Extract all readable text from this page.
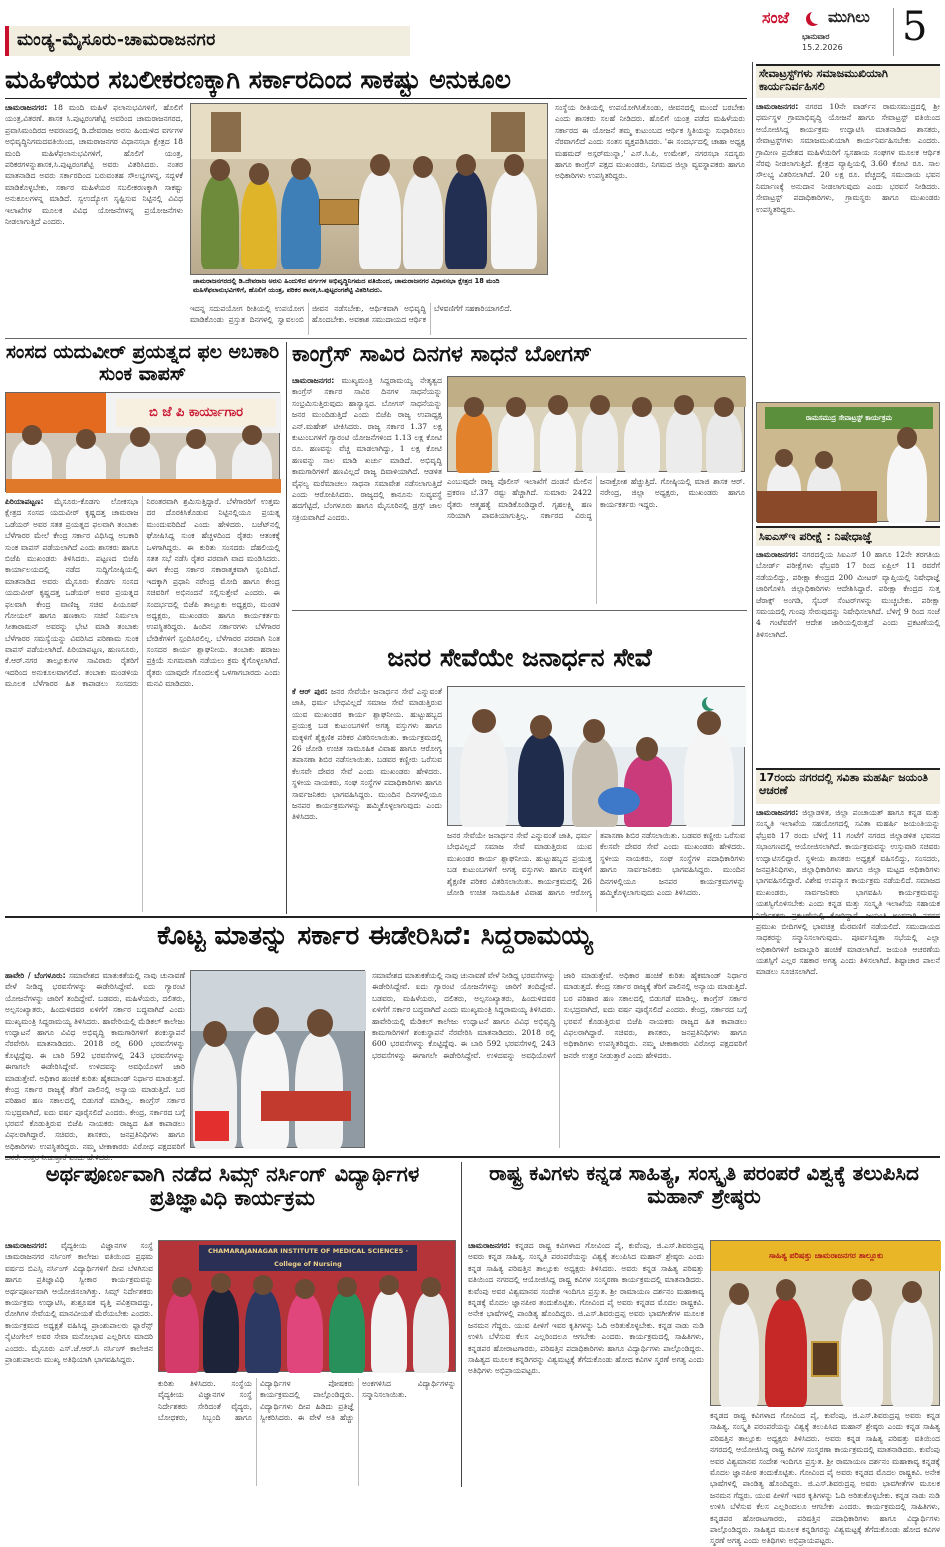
ಮಂಡ್ಯ-ಮೈಸೂರು-ಚಾಮರಾಜನಗರ
ಸಂಜೆ	ಮುಗಿಲು
ಭಾನುವಾರ
15.2.2026 5
ಮಹಿಳೆಯರ ಸಬಲೀಕರಣಕ್ಕಾಗಿ ಸರ್ಕಾರದಿಂದ ಸಾಕಷ್ಟು ಅನುಕೂಲ
ಚಾಮರಾಜನಗರ: 18 ಮಂದಿ ಮಹಿಳೆ ಫಲಾನುಭವಿಗಳಿಗೆ, ಹೊಲಿಗೆ ಯಂತ್ರ,ವಿತರಣೆ. ಶಾಸಕ ಸಿ.ಪುಟ್ಟರಂಗಶೆಟ್ಟಿ ಅವರಿಂದ ಚಾಮರಾಜನಗರದ, ಪ್ರವಾಸಿಮಂದಿರದ ಆವರಣದಲ್ಲಿ ಡಿ.ದೇವರಾಜ ಅರಸು ಹಿಂದುಳಿದ ವರ್ಗಗಳ ಅಭಿವೃದ್ಧಿನಿಗಮದವತಿಯಿಂದ, ಚಾಮರಾಜನಗರ ವಿಧಾನಸಭಾ ಕ್ಷೇತ್ರದ 18 ಮಂದಿ ಮಹಿಳೆಫಲಾನುಭವಿಗಳಿಗೆ, ಹೊಲಿಗೆ ಯಂತ್ರ, ಪರಿಕರಗಳನ್ನುಶಾಸಕ,ಸಿ.ಪುಟ್ಟರಂಗಶೆಟ್ಟಿ ಅವರು ವಿತರಿಸಿದರು. ನಂತರ ಮಾತನಾಡಿದ ಅವರು ಸರ್ಕಾರದಿಂದ ಬರುವಂತಹ ಸೌಲಭ್ಯಗಳನ್ನ, ಸದ್ಬಳಕೆ ಮಾಡಿಕೊಳ್ಳಬೇಕು, ಸರ್ಕಾರ ಮಹಿಳೆಯರ ಸಬಲೀಕರಣಕ್ಕಾಗಿ ಸಾಕಷ್ಟು ಅನುಕೂಲಗಳನ್ನ ಮಾಡಿದೆ. ಸ್ವಉದ್ಯೋಗ ಸೃಷ್ಟಿಸುವ ನಿಟ್ಟಿನಲ್ಲಿ ವಿವಿಧ ಇಲಾಖೆಗಳ ಮೂಲಕ ವಿವಿಧ ಯೋಜನೆಗಳನ್ನ ಪ್ರಯೋಜನೆಗಳು ನೀಡಲಾಗುತ್ತಿದೆ ಎಂದರು.
ಚಾಮರಾಜನಗರದಲ್ಲಿ ಡಿ.ದೇವರಾಜ ಅರಸು ಹಿಂದುಳಿದ ವರ್ಗಗಳ ಅಭಿವೃದ್ಧಿನಿಗಮದ ವತಿಯಿಂದ, ಚಾಮರಾಜನಗರ ವಿಧಾನಸಭಾ ಕ್ಷೇತ್ರದ 18 ಮಂದಿ ಮಹಿಳೆಫಲಾನುಭವಿಗಳಿಗೆ, ಹೊಲಿಗೆ ಯಂತ್ರ, ಪರಿಕರ ಶಾಸಕ,ಸಿ.ಪುಟ್ಟರಂಗಶೆಟ್ಟಿ ವಿತರಿಸಿದರು.
ಇದನ್ನ ಸದುಪಯೋಗ ರೀತಿಯಲ್ಲಿ ಉಪಯೋಗ ಮಾಡಿಕೊಂಡು ಪ್ರಸ್ತುತ ದಿನಗಳಲ್ಲಿ ಸ್ವಾವಲಂಬಿ ಜೀವನ ನಡೆಸಬೇಕು, ಆರ್ಥಿಕವಾಗಿ ಅಭಿವೃದ್ಧಿ ಹೊಂದಬೇಕು. ಅವಕಾಶ ಸಮುದಾಯದ ಆರ್ಥಿಕ ಬೆಳವಣಿಗೆಗೆ ಸಹಕಾರಿಯಾಗಲಿದೆ.
ಸಂಸ್ಥೆಯ ರೀತಿಯಲ್ಲಿ ಉಪಯೋಗಿಸಿಕೊಂಡು, ಜೀವನದಲ್ಲಿ ಮುಂದೆ ಬರಬೇಕು ಎಂದು ಶಾಸಕರು ಸಲಹೆ ನೀಡಿದರು. ಹೊಲಿಗೆ ಯಂತ್ರ ಪಡೆದ ಮಹಿಳೆಯರು ಸರ್ಕಾರದ ಈ ಯೋಜನೆ ತಮ್ಮ ಕುಟುಂಬದ ಆರ್ಥಿಕ ಸ್ಥಿತಿಯನ್ನು ಸುಧಾರಿಸಲು ನೆರವಾಗಲಿದೆ ಎಂದು ಸಂತಸ ವ್ಯಕ್ತಪಡಿಸಿದರು. 'ಈ ಸಂದರ್ಭದಲ್ಲಿ ಚಾಹಾ ಅಧ್ಯಕ್ಷ ಮಹಮದ್ ಅಸ್ಗರ್‌ಮುನ್ನಾ,' ಎಸ್.ಸಿ.ಪಿ, ಉಮೇಶ್, ನಗರಸಭಾ ಸದಸ್ಯರು ಹಾಗೂ ಕಾಂಗ್ರೆಸ್ ಪಕ್ಷದ ಮುಖಂಡರು, ನಿಗಮದ ಜಿಲ್ಲಾ ವ್ಯವಸ್ಥಾಪಕರು ಹಾಗೂ ಅಧಿಕಾರಿಗಳು ಉಪಸ್ಥಿತರಿದ್ದರು.
ಸೇವಾಟ್ರಸ್ಟ್‌ಗಳು ಸಮಾಜಮುಖಿಯಾಗಿ ಕಾರ್ಯನಿರ್ವಹಿಸಲಿ
ಚಾಮರಾಜನಗರ: ನಗರದ 10ನೇ ವಾರ್ಡ್‌ನ ರಾಮಸಮುದ್ರದಲ್ಲಿ ಶ್ರೀ ಧರ್ಮಸ್ಥಳ ಗ್ರಾಮಾಭಿವೃದ್ಧಿ ಯೋಜನೆ ಹಾಗೂ ಸೇವಾಟ್ರಸ್ಟ್ ವತಿಯಿಂದ ಆಯೋಜಿಸಿದ್ದ ಕಾರ್ಯಕ್ರಮ ಉದ್ಘಾಟಿಸಿ ಮಾತನಾಡಿದ ಶಾಸಕರು, ಸೇವಾಟ್ರಸ್ಟ್‌ಗಳು ಸಮಾಜಮುಖಿಯಾಗಿ ಕಾರ್ಯನಿರ್ವಹಿಸಬೇಕು ಎಂದರು. ಗ್ರಾಮೀಣ ಪ್ರದೇಶದ ಮಹಿಳೆಯರಿಗೆ ಸ್ವಸಹಾಯ ಸಂಘಗಳ ಮೂಲಕ ಆರ್ಥಿಕ ನೆರವು ನೀಡಲಾಗುತ್ತಿದೆ. ಕ್ಷೇತ್ರದ ವ್ಯಾಪ್ತಿಯಲ್ಲಿ 3.60 ಕೋಟಿ ರೂ. ಸಾಲ ಸೌಲಭ್ಯ ವಿತರಿಸಲಾಗಿದೆ. 20 ಲಕ್ಷ ರೂ. ವೆಚ್ಚದಲ್ಲಿ ಸಮುದಾಯ ಭವನ ನಿರ್ಮಾಣಕ್ಕೆ ಅನುದಾನ ನೀಡಲಾಗುವುದು ಎಂದು ಭರವಸೆ ನೀಡಿದರು. ಸೇವಾಟ್ರಸ್ಟ್ ಪದಾಧಿಕಾರಿಗಳು, ಗ್ರಾಮಸ್ಥರು ಹಾಗೂ ಮುಖಂಡರು ಉಪಸ್ಥಿತರಿದ್ದರು.
ರಾಮಸಮುದ್ರ ಸೇವಾಟ್ರಸ್ಟ್ ಕಾರ್ಯಕ್ರಮ
ಸಿಐಎಸ್‌ಇ ಪರೀಕ್ಷೆ : ನಿಷೇಧಾಜ್ಞೆ
ಚಾಮರಾಜನಗರ: ನಗರದಲ್ಲಿಯ ಸಿಐಎಸ್ 10 ಹಾಗೂ 12ನೇ ತರಗತಿಯ ಬೋರ್ಡ್ ಪರೀಕ್ಷೆಗಳು ಫೆಬ್ರವರಿ 17 ರಿಂದ ಏಪ್ರಿಲ್ 11 ರವರೆಗೆ ನಡೆಯಲಿದ್ದು, ಪರೀಕ್ಷಾ ಕೇಂದ್ರದ 200 ಮೀಟರ್ ವ್ಯಾಪ್ತಿಯಲ್ಲಿ ನಿಷೇಧಾಜ್ಞೆ ಜಾರಿಗೊಳಿಸಿ ಜಿಲ್ಲಾಧಿಕಾರಿಗಳು ಆದೇಶಿಸಿದ್ದಾರೆ. ಪರೀಕ್ಷಾ ಕೇಂದ್ರದ ಸುತ್ತ ಜೆರಾಕ್ಸ್ ಅಂಗಡಿ, ಸೈಬರ್ ಸೆಂಟರ್‌ಗಳನ್ನು ಮುಚ್ಚಬೇಕು. ಪರೀಕ್ಷಾ ಸಮಯದಲ್ಲಿ ಗುಂಪು ಸೇರುವುದನ್ನು ನಿಷೇಧಿಸಲಾಗಿದೆ. ಬೆಳಿಗ್ಗೆ 9 ರಿಂದ ಸಂಜೆ 4 ಗಂಟೆವರೆಗೆ ಆದೇಶ ಜಾರಿಯಲ್ಲಿರುತ್ತದೆ ಎಂದು ಪ್ರಕಟಣೆಯಲ್ಲಿ ತಿಳಿಸಲಾಗಿದೆ.
17ರಂದು ನಗರದಲ್ಲಿ ಸವಿತಾ ಮಹರ್ಷಿ ಜಯಂತಿ ಆಚರಣೆ
ಚಾಮರಾಜನಗರ: ಜಿಲ್ಲಾಡಳಿತ, ಜಿಲ್ಲಾ ಪಂಚಾಯತ್ ಹಾಗೂ ಕನ್ನಡ ಮತ್ತು ಸಂಸ್ಕೃತಿ ಇಲಾಖೆಯ ಸಹಯೋಗದಲ್ಲಿ ಸವಿತಾ ಮಹರ್ಷಿ ಜಯಂತಿಯನ್ನು ಫೆಬ್ರವರಿ 17 ರಂದು ಬೆಳಿಗ್ಗೆ 11 ಗಂಟೆಗೆ ನಗರದ ಜಿಲ್ಲಾಡಳಿತ ಭವನದ ಸಭಾಂಗಣದಲ್ಲಿ ಆಯೋಜಿಸಲಾಗಿದೆ. ಕಾರ್ಯಕ್ರಮವನ್ನು ಉಸ್ತುವಾರಿ ಸಚಿವರು ಉದ್ಘಾಟಿಸಲಿದ್ದಾರೆ. ಸ್ಥಳೀಯ ಶಾಸಕರು ಅಧ್ಯಕ್ಷತೆ ವಹಿಸಲಿದ್ದು, ಸಂಸದರು, ಜನಪ್ರತಿನಿಧಿಗಳು, ಜಿಲ್ಲಾಧಿಕಾರಿಗಳು ಹಾಗೂ ಜಿಲ್ಲಾ ಮಟ್ಟದ ಅಧಿಕಾರಿಗಳು ಭಾಗವಹಿಸಲಿದ್ದಾರೆ. ವಿಶೇಷ ಉಪನ್ಯಾಸ ಕಾರ್ಯಕ್ರಮ ನಡೆಯಲಿದೆ. ಸಮಾಜದ ಮುಖಂಡರು, ಸಾರ್ವಜನಿಕರು ಭಾಗವಹಿಸಿ ಕಾರ್ಯಕ್ರಮವನ್ನು ಯಶಸ್ವಿಗೊಳಿಸಬೇಕು ಎಂದು ಕನ್ನಡ ಮತ್ತು ಸಂಸ್ಕೃತಿ ಇಲಾಖೆಯ ಸಹಾಯಕ ಪ್ರಮುಖ ಬೀದಿಗಳಲ್ಲಿ ಭಾವಚಿತ್ರ ಮೆರವಣಿಗೆ ನಡೆಯಲಿದೆ. ಸಮುದಾಯದ ಸಾಧಕರನ್ನು ಸನ್ಮಾನಿಸಲಾಗುವುದು. ಪೂರ್ವಸಿದ್ಧತಾ ಸಭೆಯಲ್ಲಿ ಎಲ್ಲಾ ಅಧಿಕಾರಿಗಳಿಗೆ ಜವಾಬ್ದಾರಿ ಹಂಚಿಕೆ ಮಾಡಲಾಗಿದೆ. ಜಯಂತಿ ಆಚರಣೆಯ ಯಶಸ್ಸಿಗೆ ಎಲ್ಲರ ಸಹಕಾರ ಅಗತ್ಯ ಎಂದು ತಿಳಿಸಲಾಗಿದೆ. ಶಿಷ್ಟಾಚಾರ ಪಾಲನೆ ಮಾಡಲು ಸೂಚಿಸಲಾಗಿದೆ.
ಸಂಸದ ಯದುವೀರ್ ಪ್ರಯತ್ನದ ಫಲ ಅಬಕಾರಿ ಸುಂಕ ವಾಪಸ್
ಬಿ ಜೆ ಪಿ ಕಾರ್ಯಾಗಾರ
ಪಿರಿಯಾಪಟ್ಟಣ: ಮೈಸೂರು-ಕೊಡಗು ಲೋಕಸಭಾ ಕ್ಷೇತ್ರದ ಸಂಸದ ಯದುವೀರ್ ಕೃಷ್ಣದತ್ತ ಚಾಮರಾಜ ಒಡೆಯರ್ ಅವರ ಸತತ ಪ್ರಯತ್ನದ ಫಲವಾಗಿ ತಂಬಾಕು ಬೆಳೆಗಾರರ ಮೇಲೆ ಕೇಂದ್ರ ಸರ್ಕಾರ ವಿಧಿಸಿದ್ದ ಅಬಕಾರಿ ಸುಂಕ ವಾಪಸ್ ಪಡೆಯಲಾಗಿದೆ ಎಂದು ಶಾಸಕರು ಹಾಗೂ ಬಿಜೆಪಿ ಮುಖಂಡರು ತಿಳಿಸಿದರು. ಪಟ್ಟಣದ ಬಿಜೆಪಿ ಕಾರ್ಯಾಲಯದಲ್ಲಿ ನಡೆದ ಸುದ್ದಿಗೋಷ್ಠಿಯಲ್ಲಿ ಮಾತನಾಡಿದ ಅವರು ಮೈಸೂರು ಕೊಡಗು ಸಂಸದ ಯದುವೀರ್ ಕೃಷ್ಣದತ್ತ ಒಡೆಯರ್ ಅವರ ಪ್ರಯತ್ನದ ಫಲವಾಗಿ ಕೇಂದ್ರ ವಾಣಿಜ್ಯ ಸಚಿವ ಪಿಯೂಷ್ ಗೋಯಲ್ ಹಾಗೂ ಹಣಕಾಸು ಸಚಿವೆ ನಿರ್ಮಲಾ ಸೀತಾರಾಮನ್ ಅವರನ್ನು ಭೇಟಿ ಮಾಡಿ ತಂಬಾಕು ಬೆಳೆಗಾರರ ಸಮಸ್ಯೆಯನ್ನು ವಿವರಿಸಿದ ಪರಿಣಾಮ ಸುಂಕ ವಾಪಸ್ ಪಡೆಯಲಾಗಿದೆ. ಪಿರಿಯಾಪಟ್ಟಣ, ಹುಣಸೂರು, ಕೆ.ಆರ್.ನಗರ ತಾಲ್ಲೂಕುಗಳ ಸಾವಿರಾರು ರೈತರಿಗೆ ಇದರಿಂದ ಅನುಕೂಲವಾಗಲಿದೆ. ತಂಬಾಕು ಮಂಡಳಿಯ ಮೂಲಕ ಬೆಳೆಗಾರರ ಹಿತ ಕಾಪಾಡಲು ಸಂಸದರು ನಿರಂತರವಾಗಿ ಶ್ರಮಿಸುತ್ತಿದ್ದಾರೆ. ಬೆಳೆಗಾರರಿಗೆ ಉತ್ತಮ ದರ ದೊರಕಿಸಿಕೊಡುವ ನಿಟ್ಟಿನಲ್ಲಿಯೂ ಪ್ರಯತ್ನ ಮುಂದುವರಿದಿದೆ ಎಂದು ಹೇಳಿದರು. ಬಜೆಟ್‌ನಲ್ಲಿ ಘೋಷಿಸಿದ್ದ ಸುಂಕ ಹೆಚ್ಚಳದಿಂದ ರೈತರು ಆತಂಕಕ್ಕೆ ಒಳಗಾಗಿದ್ದರು. ಈ ಕುರಿತು ಸಂಸದರು ದೆಹಲಿಯಲ್ಲಿ ಸತತ ಸಭೆ ನಡೆಸಿ ರೈತರ ಪರವಾಗಿ ವಾದ ಮಂಡಿಸಿದರು. ಈಗ ಕೇಂದ್ರ ಸರ್ಕಾರ ಸಕಾರಾತ್ಮಕವಾಗಿ ಸ್ಪಂದಿಸಿದೆ. ಇದಕ್ಕಾಗಿ ಪ್ರಧಾನಿ ನರೇಂದ್ರ ಮೋದಿ ಹಾಗೂ ಕೇಂದ್ರ ಸಚಿವರಿಗೆ ಅಭಿನಂದನೆ ಸಲ್ಲಿಸುತ್ತೇವೆ ಎಂದರು. ಈ ಸಂದರ್ಭದಲ್ಲಿ ಬಿಜೆಪಿ ತಾಲ್ಲೂಕು ಅಧ್ಯಕ್ಷರು, ಮಂಡಳಿ ಅಧ್ಯಕ್ಷರು, ಮುಖಂಡರು ಹಾಗೂ ಕಾರ್ಯಕರ್ತರು ಉಪಸ್ಥಿತರಿದ್ದರು. ಹಿಂದಿನ ಸರ್ಕಾರಗಳು ಬೆಳೆಗಾರರ ಬೇಡಿಕೆಗಳಿಗೆ ಸ್ಪಂದಿಸಿರಲಿಲ್ಲ. ಬೆಳೆಗಾರರ ಪರವಾಗಿ ನಿಂತ ಸಂಸದರ ಕಾರ್ಯ ಶ್ಲಾಘನೀಯ. ತಂಬಾಕು ಹರಾಜು ಪ್ರಕ್ರಿಯೆ ಸುಗಮವಾಗಿ ನಡೆಯಲು ಕ್ರಮ ಕೈಗೊಳ್ಳಲಾಗಿದೆ. ರೈತರು ಯಾವುದೇ ಗೊಂದಲಕ್ಕೆ ಒಳಗಾಗಬಾರದು ಎಂದು ಮನವಿ ಮಾಡಿದರು.
ಕಾಂಗ್ರೆಸ್ ಸಾವಿರ ದಿನಗಳ ಸಾಧನೆ ಬೋಗಸ್
ಚಾಮರಾಜನಗರ: ಮುಖ್ಯಮಂತ್ರಿ ಸಿದ್ದರಾಮಯ್ಯ ನೇತೃತ್ವದ ಕಾಂಗ್ರೆಸ್ ಸರ್ಕಾರ ಸಾವಿರ ದಿನಗಳ ಸಾಧನೆಯನ್ನು ಸಂಭ್ರಮಿಸುತ್ತಿರುವುದು ಹಾಸ್ಯಾಸ್ಪದ. ಬೋಗಸ್ ಸಾಧನೆಯನ್ನು ಜನರ ಮುಂದಿಡುತ್ತಿದೆ ಎಂದು ಬಿಜೆಪಿ ರಾಜ್ಯ ಉಪಾಧ್ಯಕ್ಷ ಎನ್.ಮಹೇಶ್ ಟೀಕಿಸಿದರು. ರಾಜ್ಯ ಸರ್ಕಾರ 1.37 ಲಕ್ಷ ಕುಟುಂಬಗಳಿಗೆ ಗ್ಯಾರಂಟಿ ಯೋಜನೆಗಳಿಂದ 1.13 ಲಕ್ಷ ಕೋಟಿ ರೂ. ಹಣವನ್ನು ವೆಚ್ಚ ಮಾಡಲಾಗಿದ್ದು, 1 ಲಕ್ಷ ಕೋಟಿ ಹಣವನ್ನು ಸಾಲ ಮಾಡಿ ಖರ್ಚು ಮಾಡಿದೆ. ಅಭಿವೃದ್ಧಿ ಕಾಮಗಾರಿಗಳಿಗೆ ಹಣವಿಲ್ಲದೆ ರಾಜ್ಯ ದಿವಾಳಿಯಾಗಿದೆ. ಆಡಳಿತ ವೈಫಲ್ಯ ಮರೆಮಾಚಲು ಸಾಧನಾ ಸಮಾವೇಶ ನಡೆಸಲಾಗುತ್ತಿದೆ ಎಂದು ಆರೋಪಿಸಿದರು. ರಾಜ್ಯದಲ್ಲಿ ಕಾನೂನು ಸುವ್ಯವಸ್ಥೆ ಹದಗೆಟ್ಟಿದೆ, ಬೆಂಗಳೂರು ಹಾಗೂ ಮೈಸೂರಿನಲ್ಲಿ ಡ್ರಗ್ಸ್ ಜಾಲ ಸಕ್ರಿಯವಾಗಿದೆ ಎಂದರು.
ಎಂಬುವುದೇ ರಾಜ್ಯ ಪೊಲೀಸ್ ಇಲಾಖೆಗೆ ದಂಡನೆ ಮೇಲಿನ ಪ್ರಕರಣ ಬೆ.37 ರಷ್ಟು ಹೆಚ್ಚಾಗಿದೆ. ಸುಮಾರು 2422 ರೈತರು ಆತ್ಮಹತ್ಯೆ ಮಾಡಿಕೊಂಡಿದ್ದಾರೆ. ಗೃಹಲಕ್ಷ್ಮಿ ಹಣ ಸರಿಯಾಗಿ ಪಾವತಿಯಾಗುತ್ತಿಲ್ಲ. ಸರ್ಕಾರದ ವಿರುದ್ಧ ಜನಾಕ್ರೋಶ ಹೆಚ್ಚುತ್ತಿದೆ. ಗೋಷ್ಠಿಯಲ್ಲಿ ಮಾಜಿ ಶಾಸಕ ಆರ್. ನರೇಂದ್ರ, ಜಿಲ್ಲಾ ಅಧ್ಯಕ್ಷರು, ಮುಖಂಡರು ಹಾಗೂ ಕಾರ್ಯಕರ್ತರು ಇದ್ದರು.
ಜನರ ಸೇವೆಯೇ ಜನಾರ್ಧನ ಸೇವೆ
ಕೆ ಆರ್ ಪುರ: ಜನರ ಸೇವೆಯೇ ಜನಾರ್ಧನ ಸೇವೆ ಎನ್ನುವಂತೆ ಜಾತಿ, ಧರ್ಮ ಬೇಧವಿಲ್ಲದೆ ಸಮಾಜ ಸೇವೆ ಮಾಡುತ್ತಿರುವ ಯುವ ಮುಖಂಡರ ಕಾರ್ಯ ಶ್ಲಾಘನೀಯ. ಹುಟ್ಟುಹಬ್ಬದ ಪ್ರಯುಕ್ತ ಬಡ ಕುಟುಂಬಗಳಿಗೆ ಅಗತ್ಯ ವಸ್ತುಗಳು ಹಾಗೂ ಮಕ್ಕಳಿಗೆ ಶೈಕ್ಷಣಿಕ ಪರಿಕರ ವಿತರಿಸಲಾಯಿತು. ಕಾರ್ಯಕ್ರಮದಲ್ಲಿ 26 ಜೋಡಿ ಉಚಿತ ಸಾಮೂಹಿಕ ವಿವಾಹ ಹಾಗೂ ಆರೋಗ್ಯ ತಪಾಸಣಾ ಶಿಬಿರ ನಡೆಸಲಾಯಿತು. ಬಡವರ ಕಣ್ಣೀರು ಒರೆಸುವ ಕೆಲಸವೇ ದೇವರ ಸೇವೆ ಎಂದು ಮುಖಂಡರು ಹೇಳಿದರು. ಸ್ಥಳೀಯ ನಾಯಕರು, ಸಂಘ ಸಂಸ್ಥೆಗಳ ಪದಾಧಿಕಾರಿಗಳು ಹಾಗೂ ಸಾರ್ವಜನಿಕರು ಭಾಗವಹಿಸಿದ್ದರು. ಮುಂದಿನ ದಿನಗಳಲ್ಲಿಯೂ ಜನಪರ ಕಾರ್ಯಕ್ರಮಗಳನ್ನು ಹಮ್ಮಿಕೊಳ್ಳಲಾಗುವುದು ಎಂದು ತಿಳಿಸಿದರು.
ಜನರ ಸೇವೆಯೇ ಜನಾರ್ಧನ ಸೇವೆ ಎನ್ನುವಂತೆ ಜಾತಿ, ಧರ್ಮ ಬೇಧವಿಲ್ಲದೆ ಸಮಾಜ ಸೇವೆ ಮಾಡುತ್ತಿರುವ ಯುವ ಮುಖಂಡರ ಕಾರ್ಯ ಶ್ಲಾಘನೀಯ. ಹುಟ್ಟುಹಬ್ಬದ ಪ್ರಯುಕ್ತ ಬಡ ಕುಟುಂಬಗಳಿಗೆ ಅಗತ್ಯ ವಸ್ತುಗಳು ಹಾಗೂ ಮಕ್ಕಳಿಗೆ ಶೈಕ್ಷಣಿಕ ಪರಿಕರ ವಿತರಿಸಲಾಯಿತು. ಕಾರ್ಯಕ್ರಮದಲ್ಲಿ 26 ಜೋಡಿ ಉಚಿತ ಸಾಮೂಹಿಕ ವಿವಾಹ ಹಾಗೂ ಆರೋಗ್ಯ ತಪಾಸಣಾ ಶಿಬಿರ ನಡೆಸಲಾಯಿತು. ಬಡವರ ಕಣ್ಣೀರು ಒರೆಸುವ ಕೆಲಸವೇ ದೇವರ ಸೇವೆ ಎಂದು ಮುಖಂಡರು ಹೇಳಿದರು. ಸ್ಥಳೀಯ ನಾಯಕರು, ಸಂಘ ಸಂಸ್ಥೆಗಳ ಪದಾಧಿಕಾರಿಗಳು ಹಾಗೂ ಸಾರ್ವಜನಿಕರು ಭಾಗವಹಿಸಿದ್ದರು. ಮುಂದಿನ ದಿನಗಳಲ್ಲಿಯೂ ಜನಪರ ಕಾರ್ಯಕ್ರಮಗಳನ್ನು ಹಮ್ಮಿಕೊಳ್ಳಲಾಗುವುದು ಎಂದು ತಿಳಿಸಿದರು.
ಕೊಟ್ಟ ಮಾತನ್ನು ಸರ್ಕಾರ ಈಡೇರಿಸಿದೆ: ಸಿದ್ದರಾಮಯ್ಯ
ಹಾವೇರಿ / ಬೆಂಗಳೂರು: ಸಮಾವೇಶದ ಮಾತುಕತೆಯಲ್ಲಿ ನಾವು ಚುನಾವಣೆ ವೇಳೆ ನೀಡಿದ್ದ ಭರವಸೆಗಳನ್ನು ಈಡೇರಿಸಿದ್ದೇವೆ. ಐದು ಗ್ಯಾರಂಟಿ ಯೋಜನೆಗಳನ್ನು ಜಾರಿಗೆ ತಂದಿದ್ದೇವೆ. ಬಡವರು, ಮಹಿಳೆಯರು, ದಲಿತರು, ಅಲ್ಪಸಂಖ್ಯಾತರು, ಹಿಂದುಳಿದವರ ಏಳಿಗೆಗೆ ಸರ್ಕಾರ ಬದ್ಧವಾಗಿದೆ ಎಂದು ಮುಖ್ಯಮಂತ್ರಿ ಸಿದ್ದರಾಮಯ್ಯ ತಿಳಿಸಿದರು. ಹಾವೇರಿಯಲ್ಲಿ ಮೆಡಿಕಲ್ ಕಾಲೇಜು ಉದ್ಘಾಟನೆ ಹಾಗೂ ವಿವಿಧ ಅಭಿವೃದ್ಧಿ ಕಾಮಗಾರಿಗಳಿಗೆ ಶಂಕುಸ್ಥಾಪನೆ ನೆರವೇರಿಸಿ ಮಾತನಾಡಿದರು. 2018 ರಲ್ಲಿ 600 ಭರವಸೆಗಳನ್ನು ಕೊಟ್ಟಿದ್ದೆವು. ಈ ಬಾರಿ 592 ಭರವಸೆಗಳಲ್ಲಿ 243 ಭರವಸೆಗಳನ್ನು ಈಗಾಗಲೇ ಈಡೇರಿಸಿದ್ದೇವೆ. ಉಳಿದವನ್ನು ಅವಧಿಯೊಳಗೆ ಜಾರಿ ಮಾಡುತ್ತೇವೆ. ಅಧಿಕಾರ ಹಂಚಿಕೆ ಕುರಿತು ಹೈಕಮಾಂಡ್ ನಿರ್ಧಾರ ಮಾಡುತ್ತದೆ. ಕೇಂದ್ರ ಸರ್ಕಾರ ರಾಜ್ಯಕ್ಕೆ ತೆರಿಗೆ ಪಾಲಿನಲ್ಲಿ ಅನ್ಯಾಯ ಮಾಡುತ್ತಿದೆ. ಬರ ಪರಿಹಾರ ಹಣ ಸಕಾಲದಲ್ಲಿ ಬಿಡುಗಡೆ ಮಾಡಿಲ್ಲ. ಕಾಂಗ್ರೆಸ್ ಸರ್ಕಾರ ಸುಭದ್ರವಾಗಿದೆ, ಐದು ವರ್ಷ ಪೂರೈಸಲಿದೆ ಎಂದರು. ಕೇಂದ್ರ, ಸರ್ಕಾರದ ಬಗ್ಗೆ ಭರವಸೆ ಕೊಡುತ್ತಿರುವ ಬಿಜೆಪಿ ನಾಯಕರು ರಾಜ್ಯದ ಹಿತ ಕಾಪಾಡಲು ವಿಫಲರಾಗಿದ್ದಾರೆ. ಸಚಿವರು, ಶಾಸಕರು, ಜನಪ್ರತಿನಿಧಿಗಳು ಹಾಗೂ ಅಧಿಕಾರಿಗಳು ಉಪಸ್ಥಿತರಿದ್ದರು. ನಮ್ಮ ಟೀಕಾಕಾರರು ವಿರೋಧ ಪಕ್ಷದವರಿಗೆ
ಸಮಾವೇಶದ ಮಾತುಕತೆಯಲ್ಲಿ ನಾವು ಚುನಾವಣೆ ವೇಳೆ ನೀಡಿದ್ದ ಭರವಸೆಗಳನ್ನು ಈಡೇರಿಸಿದ್ದೇವೆ. ಐದು ಗ್ಯಾರಂಟಿ ಯೋಜನೆಗಳನ್ನು ಜಾರಿಗೆ ತಂದಿದ್ದೇವೆ. ಬಡವರು, ಮಹಿಳೆಯರು, ದಲಿತರು, ಅಲ್ಪಸಂಖ್ಯಾತರು, ಹಿಂದುಳಿದವರ ಏಳಿಗೆಗೆ ಸರ್ಕಾರ ಬದ್ಧವಾಗಿದೆ ಎಂದು ಮುಖ್ಯಮಂತ್ರಿ ಸಿದ್ದರಾಮಯ್ಯ ತಿಳಿಸಿದರು. ಹಾವೇರಿಯಲ್ಲಿ ಮೆಡಿಕಲ್ ಕಾಲೇಜು ಉದ್ಘಾಟನೆ ಹಾಗೂ ವಿವಿಧ ಅಭಿವೃದ್ಧಿ ಕಾಮಗಾರಿಗಳಿಗೆ ಶಂಕುಸ್ಥಾಪನೆ ನೆರವೇರಿಸಿ ಮಾತನಾಡಿದರು. 2018 ರಲ್ಲಿ 600 ಭರವಸೆಗಳನ್ನು ಕೊಟ್ಟಿದ್ದೆವು. ಈ ಬಾರಿ 592 ಭರವಸೆಗಳಲ್ಲಿ 243 ಭರವಸೆಗಳನ್ನು ಈಗಾಗಲೇ ಈಡೇರಿಸಿದ್ದೇವೆ. ಉಳಿದವನ್ನು ಅವಧಿಯೊಳಗೆ ಜಾರಿ ಮಾಡುತ್ತೇವೆ. ಅಧಿಕಾರ ಹಂಚಿಕೆ ಕುರಿತು ಹೈಕಮಾಂಡ್ ನಿರ್ಧಾರ ಮಾಡುತ್ತದೆ. ಕೇಂದ್ರ ಸರ್ಕಾರ ರಾಜ್ಯಕ್ಕೆ ತೆರಿಗೆ ಪಾಲಿನಲ್ಲಿ ಅನ್ಯಾಯ ಮಾಡುತ್ತಿದೆ. ಬರ ಪರಿಹಾರ ಹಣ ಸಕಾಲದಲ್ಲಿ ಬಿಡುಗಡೆ ಮಾಡಿಲ್ಲ. ಕಾಂಗ್ರೆಸ್ ಸರ್ಕಾರ ಸುಭದ್ರವಾಗಿದೆ, ಐದು ವರ್ಷ ಪೂರೈಸಲಿದೆ ಎಂದರು. ಕೇಂದ್ರ, ಸರ್ಕಾರದ ಬಗ್ಗೆ ಭರವಸೆ ಕೊಡುತ್ತಿರುವ ಬಿಜೆಪಿ ನಾಯಕರು ರಾಜ್ಯದ ಹಿತ ಕಾಪಾಡಲು ವಿಫಲರಾಗಿದ್ದಾರೆ. ಸಚಿವರು, ಶಾಸಕರು, ಜನಪ್ರತಿನಿಧಿಗಳು ಹಾಗೂ ಅಧಿಕಾರಿಗಳು ಉಪಸ್ಥಿತರಿದ್ದರು. ನಮ್ಮ ಟೀಕಾಕಾರರು ವಿರೋಧ ಪಕ್ಷದವರಿಗೆ ಜನರೇ ಉತ್ತರ ನೀಡುತ್ತಾರೆ ಎಂದು ಹೇಳಿದರು.
ಅರ್ಥಪೂರ್ಣವಾಗಿ ನಡೆದ ಸಿಮ್ಸ್ ನರ್ಸಿಂಗ್ ವಿದ್ಯಾರ್ಥಿಗಳ ಪ್ರತಿಜ್ಞಾವಿಧಿ ಕಾರ್ಯಕ್ರಮ
ಚಾಮರಾಜನಗರ: ವೈದ್ಯಕೀಯ ವಿಜ್ಞಾನಗಳ ಸಂಸ್ಥೆ ಚಾಮರಾಜನಗರ ನರ್ಸಿಂಗ್ ಕಾಲೇಜು ವತಿಯಿಂದ ಪ್ರಥಮ ವರ್ಷದ ಬಿಎಸ್ಸಿ ನರ್ಸಿಂಗ್ ವಿದ್ಯಾರ್ಥಿಗಳಿಗೆ ದೀಪ ಬೆಳಗಿಸುವ ಹಾಗೂ ಪ್ರತಿಜ್ಞಾವಿಧಿ ಸ್ವೀಕಾರ ಕಾರ್ಯಕ್ರಮವನ್ನು ಅರ್ಥಪೂರ್ಣವಾಗಿ ಆಯೋಜಿಸಲಾಗಿತ್ತು. ಸಿಮ್ಸ್ ನಿರ್ದೇಶಕರು ಕಾರ್ಯಕ್ರಮ ಉದ್ಘಾಟಿಸಿ, ಶುಶ್ರೂಷಕ ವೃತ್ತಿ ಪವಿತ್ರವಾದದ್ದು, ರೋಗಿಗಳ ಸೇವೆಯಲ್ಲಿ ಮಾನವೀಯತೆ ಮೆರೆಯಬೇಕು ಎಂದರು. ಕಾರ್ಯಕ್ರಮದ ಅಧ್ಯಕ್ಷತೆ ವಹಿಸಿದ್ದ ಪ್ರಾಂಶುಪಾಲರು ಫ್ಲಾರೆನ್ಸ್ ನೈಟಿಂಗೇಲ್ ಅವರ ಸೇವಾ ಮನೋಭಾವ ಎಲ್ಲರಿಗೂ ಮಾದರಿ ಎಂದರು. ಮೈಸೂರು ಎಸ್.ಜೆ.ಆರ್.ಸಿ ನರ್ಸಿಂಗ್ ಕಾಲೇಜಿನ ಪ್ರಾಂಶುಪಾಲರು ಮುಖ್ಯ ಅತಿಥಿಯಾಗಿ ಭಾಗವಹಿಸಿದ್ದರು.
CHAMARAJANAGAR INSTITUTE OF MEDICAL SCIENCES · College of Nursing
ಕುರಿತು ತಿಳಿಸಿದರು. ಸಂಸ್ಥೆಯ ವೈದ್ಯಕೀಯ ವಿಜ್ಞಾನಗಳ ಸಂಸ್ಥೆ ನಿರ್ದೇಶಕರು ಸೇರಿದಂತೆ ವೈದ್ಯರು, ಬೋಧಕರು, ಸಿಬ್ಬಂದಿ ಹಾಗೂ ವಿದ್ಯಾರ್ಥಿಗಳ ಪೋಷಕರು ಕಾರ್ಯಕ್ರಮದಲ್ಲಿ ಪಾಲ್ಗೊಂಡಿದ್ದರು. ವಿದ್ಯಾರ್ಥಿಗಳು ದೀಪ ಹಿಡಿದು ಪ್ರತಿಜ್ಞೆ ಸ್ವೀಕರಿಸಿದರು. ಈ ವೇಳೆ ಅತಿ ಹೆಚ್ಚು ಅಂಕಗಳಿಸಿದ ವಿದ್ಯಾರ್ಥಿಗಳನ್ನು ಸನ್ಮಾನಿಸಲಾಯಿತು.
ರಾಷ್ಟ್ರ ಕವಿಗಳು ಕನ್ನಡ ಸಾಹಿತ್ಯ, ಸಂಸ್ಕೃತಿ ಪರಂಪರೆ ವಿಶ್ವಕ್ಕೆ ತಲುಪಿಸಿದ ಮಹಾನ್ ಶ್ರೇಷ್ಠರು
ಚಾಮರಾಜನಗರ: ಕನ್ನಡದ ರಾಷ್ಟ್ರ ಕವಿಗಳಾದ ಗೋವಿಂದ ಪೈ, ಕುವೆಂಪು, ಜಿ.ಎಸ್.ಶಿವರುದ್ರಪ್ಪ ಅವರು ಕನ್ನಡ ಸಾಹಿತ್ಯ, ಸಂಸ್ಕೃತಿ ಪರಂಪರೆಯನ್ನು ವಿಶ್ವಕ್ಕೆ ತಲುಪಿಸಿದ ಮಹಾನ್ ಶ್ರೇಷ್ಠರು ಎಂದು ಕನ್ನಡ ಸಾಹಿತ್ಯ ಪರಿಷತ್ತಿನ ತಾಲ್ಲೂಕು ಅಧ್ಯಕ್ಷರು ತಿಳಿಸಿದರು. ಅವರು ಕನ್ನಡ ಸಾಹಿತ್ಯ ಪರಿಷತ್ತು ವತಿಯಿಂದ ನಗರದಲ್ಲಿ ಆಯೋಜಿಸಿದ್ದ ರಾಷ್ಟ್ರ ಕವಿಗಳ ಸಂಸ್ಮರಣಾ ಕಾರ್ಯಕ್ರಮದಲ್ಲಿ ಮಾತನಾಡಿದರು. ಕುವೆಂಪು ಅವರ ವಿಶ್ವಮಾನವ ಸಂದೇಶ ಇಂದಿಗೂ ಪ್ರಸ್ತುತ. ಶ್ರೀ ರಾಮಾಯಣ ದರ್ಶನಂ ಮಹಾಕಾವ್ಯ ಕನ್ನಡಕ್ಕೆ ಮೊದಲ ಜ್ಞಾನಪೀಠ ತಂದುಕೊಟ್ಟಿತು. ಗೋವಿಂದ ಪೈ ಅವರು ಕನ್ನಡದ ಮೊದಲ ರಾಷ್ಟ್ರಕವಿ. ಅನೇಕ ಭಾಷೆಗಳಲ್ಲಿ ಪಾಂಡಿತ್ಯ ಹೊಂದಿದ್ದರು. ಜಿ.ಎಸ್.ಶಿವರುದ್ರಪ್ಪ ಅವರು ಭಾವಗೀತೆಗಳ ಮೂಲಕ ಜನಮನ ಗೆದ್ದರು. ಯುವ ಪೀಳಿಗೆ ಇವರ ಕೃತಿಗಳನ್ನು ಓದಿ ಅರಿತುಕೊಳ್ಳಬೇಕು. ಕನ್ನಡ ನಾಡು ನುಡಿ ಉಳಿಸಿ ಬೆಳೆಸುವ ಕೆಲಸ ಎಲ್ಲರಿಂದಲೂ ಆಗಬೇಕು ಎಂದರು. ಕಾರ್ಯಕ್ರಮದಲ್ಲಿ ಸಾಹಿತಿಗಳು, ಕನ್ನಡಪರ ಹೋರಾಟಗಾರರು, ಪರಿಷತ್ತಿನ ಪದಾಧಿಕಾರಿಗಳು ಹಾಗೂ ವಿದ್ಯಾರ್ಥಿಗಳು ಪಾಲ್ಗೊಂಡಿದ್ದರು. ಸಾಹಿತ್ಯದ ಮೂಲಕ ಕನ್ನಡಿಗರನ್ನು ವಿಶ್ವಮಟ್ಟಕ್ಕೆ ತೆಗೆದುಕೊಂಡು ಹೋದ ಕವಿಗಳ ಸ್ಮರಣೆ ಅಗತ್ಯ ಎಂದು ಅತಿಥಿಗಳು ಅಭಿಪ್ರಾಯಪಟ್ಟರು.
ಸಾಹಿತ್ಯ ಪರಿಷತ್ತು ಚಾಮರಾಜನಗರ ತಾಲ್ಲೂಕು
ಕನ್ನಡದ ರಾಷ್ಟ್ರ ಕವಿಗಳಾದ ಗೋವಿಂದ ಪೈ, ಕುವೆಂಪು, ಜಿ.ಎಸ್.ಶಿವರುದ್ರಪ್ಪ ಅವರು ಕನ್ನಡ ಸಾಹಿತ್ಯ, ಸಂಸ್ಕೃತಿ ಪರಂಪರೆಯನ್ನು ವಿಶ್ವಕ್ಕೆ ತಲುಪಿಸಿದ ಮಹಾನ್ ಶ್ರೇಷ್ಠರು ಎಂದು ಕನ್ನಡ ಸಾಹಿತ್ಯ ಪರಿಷತ್ತಿನ ತಾಲ್ಲೂಕು ಅಧ್ಯಕ್ಷರು ತಿಳಿಸಿದರು. ಅವರು ಕನ್ನಡ ಸಾಹಿತ್ಯ ಪರಿಷತ್ತು ವತಿಯಿಂದ ನಗರದಲ್ಲಿ ಆಯೋಜಿಸಿದ್ದ ರಾಷ್ಟ್ರ ಕವಿಗಳ ಸಂಸ್ಮರಣಾ ಕಾರ್ಯಕ್ರಮದಲ್ಲಿ ಮಾತನಾಡಿದರು. ಕುವೆಂಪು ಅವರ ವಿಶ್ವಮಾನವ ಸಂದೇಶ ಇಂದಿಗೂ ಪ್ರಸ್ತುತ. ಶ್ರೀ ರಾಮಾಯಣ ದರ್ಶನಂ ಮಹಾಕಾವ್ಯ ಕನ್ನಡಕ್ಕೆ ಮೊದಲ ಜ್ಞಾನಪೀಠ ತಂದುಕೊಟ್ಟಿತು. ಗೋವಿಂದ ಪೈ ಅವರು ಕನ್ನಡದ ಮೊದಲ ರಾಷ್ಟ್ರಕವಿ. ಅನೇಕ ಭಾಷೆಗಳಲ್ಲಿ ಪಾಂಡಿತ್ಯ ಹೊಂದಿದ್ದರು. ಜಿ.ಎಸ್.ಶಿವರುದ್ರಪ್ಪ ಅವರು ಭಾವಗೀತೆಗಳ ಮೂಲಕ ಜನಮನ ಗೆದ್ದರು. ಯುವ ಪೀಳಿಗೆ ಇವರ ಕೃತಿಗಳನ್ನು ಓದಿ ಅರಿತುಕೊಳ್ಳಬೇಕು. ಕನ್ನಡ ನಾಡು ನುಡಿ ಉಳಿಸಿ ಬೆಳೆಸುವ ಕೆಲಸ ಎಲ್ಲರಿಂದಲೂ ಆಗಬೇಕು ಎಂದರು. ಕಾರ್ಯಕ್ರಮದಲ್ಲಿ ಸಾಹಿತಿಗಳು, ಕನ್ನಡಪರ ಹೋರಾಟಗಾರರು, ಪರಿಷತ್ತಿನ ಪದಾಧಿಕಾರಿಗಳು ಹಾಗೂ ವಿದ್ಯಾರ್ಥಿಗಳು ಪಾಲ್ಗೊಂಡಿದ್ದರು. ಸಾಹಿತ್ಯದ ಮೂಲಕ ಕನ್ನಡಿಗರನ್ನು ವಿಶ್ವಮಟ್ಟಕ್ಕೆ ತೆಗೆದುಕೊಂಡು ಹೋದ ಕವಿಗಳ ಸ್ಮರಣೆ ಅಗತ್ಯ ಎಂದು ಅತಿಥಿಗಳು ಅಭಿಪ್ರಾಯಪಟ್ಟರು.
